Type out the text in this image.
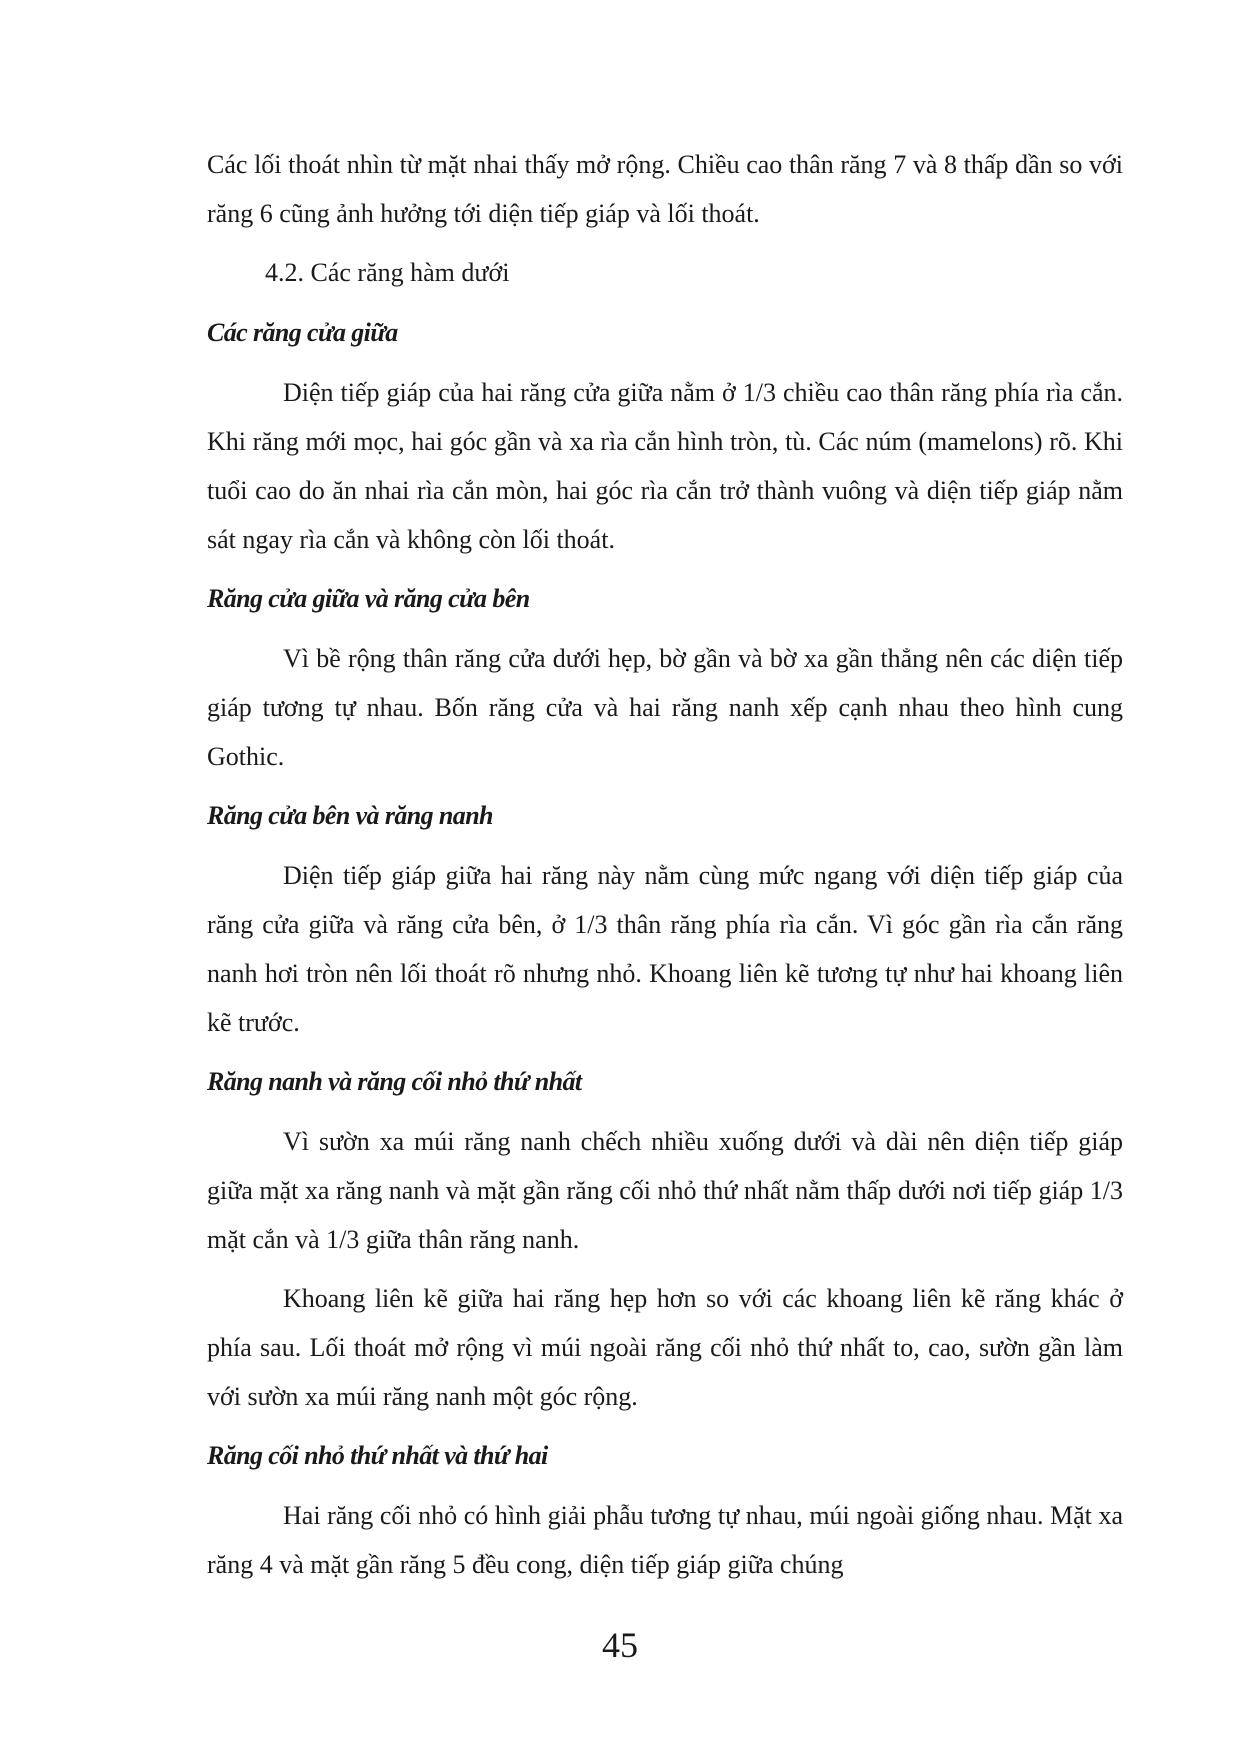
Các lối thoát nhìn từ mặt nhai thấy mở rộng. Chiều cao thân răng 7 và 8 thấp dần so với răng 6 cũng ảnh hưởng tới diện tiếp giáp và lối thoát.

4.2. Các răng hàm dưới

Các răng cửa giữa

Diện tiếp giáp của hai răng cửa giữa nằm ở 1/3 chiều cao thân răng phía rìa cắn. Khi răng mới mọc, hai góc gần và xa rìa cắn hình tròn, tù. Các núm (mamelons) rõ. Khi tuổi cao do ăn nhai rìa cắn mòn, hai góc rìa cắn trở thành vuông và diện tiếp giáp nằm sát ngay rìa cắn và không còn lối thoát.

Răng cửa giữa và răng cửa bên

Vì bề rộng thân răng cửa dưới hẹp, bờ gần và bờ xa gần thẳng nên các diện tiếp giáp tương tự nhau. Bốn răng cửa và hai răng nanh xếp cạnh nhau theo hình cung Gothic.

Răng cửa bên và răng nanh

Diện tiếp giáp giữa hai răng này nằm cùng mức ngang với diện tiếp giáp của răng cửa giữa và răng cửa bên, ở 1/3 thân răng phía rìa cắn. Vì góc gần rìa cắn răng nanh hơi tròn nên lối thoát rõ nhưng nhỏ. Khoang liên kẽ tương tự như hai khoang liên kẽ trước.

Răng nanh và răng cối nhỏ thứ nhất

Vì sườn xa múi răng nanh chếch nhiều xuống dưới và dài nên diện tiếp giáp giữa mặt xa răng nanh và mặt gần răng cối nhỏ thứ nhất nằm thấp dưới nơi tiếp giáp 1/3 mặt cắn và 1/3 giữa thân răng nanh.

Khoang liên kẽ giữa hai răng hẹp hơn so với các khoang liên kẽ răng khác ở phía sau. Lối thoát mở rộng vì múi ngoài răng cối nhỏ thứ nhất to, cao, sườn gần làm với sườn xa múi răng nanh một góc rộng.

Răng cối nhỏ thứ nhất và thứ hai

Hai răng cối nhỏ có hình giải phẫu tương tự nhau, múi ngoài giống nhau. Mặt xa răng 4 và mặt gần răng 5 đều cong, diện tiếp giáp giữa chúng

45
